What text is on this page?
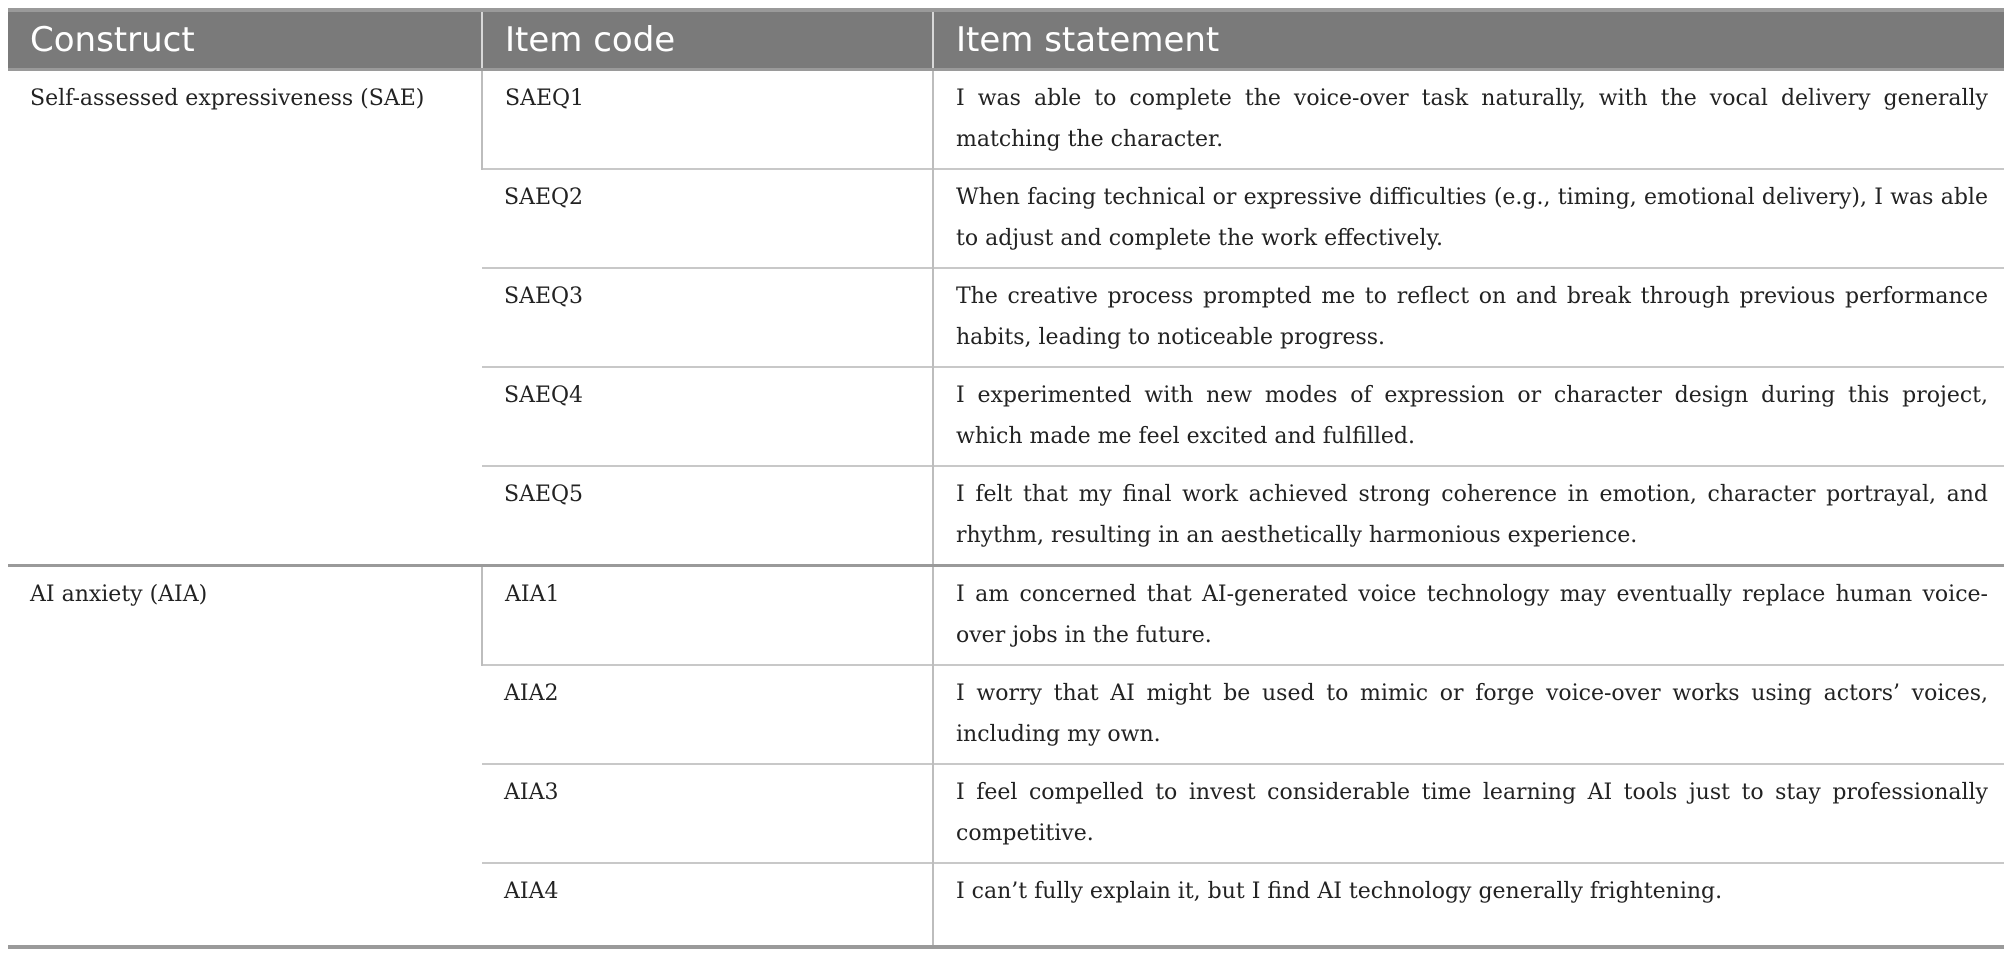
Construct	Item code	Item statement
Self-assessed expressiveness (SAE)	SAEQ1	I was able to complete the voice-over task naturally, with the vocal delivery generally matching the character.
	SAEQ2	When facing technical or expressive difficulties (e.g., timing, emotional delivery), I was able to adjust and complete the work effectively.
	SAEQ3	The creative process prompted me to reflect on and break through previous performance habits, leading to noticeable progress.
	SAEQ4	I experimented with new modes of expression or character design during this project, which made me feel excited and fulfilled.
	SAEQ5	I felt that my final work achieved strong coherence in emotion, character portrayal, and rhythm, resulting in an aesthetically harmonious experience.
AI anxiety (AIA)	AIA1	I am concerned that AI-generated voice technology may eventually replace human voice-over jobs in the future.
	AIA2	I worry that AI might be used to mimic or forge voice-over works using actors’ voices, including my own.
	AIA3	I feel compelled to invest considerable time learning AI tools just to stay professionally competitive.
	AIA4	I can’t fully explain it, but I find AI technology generally frightening.
